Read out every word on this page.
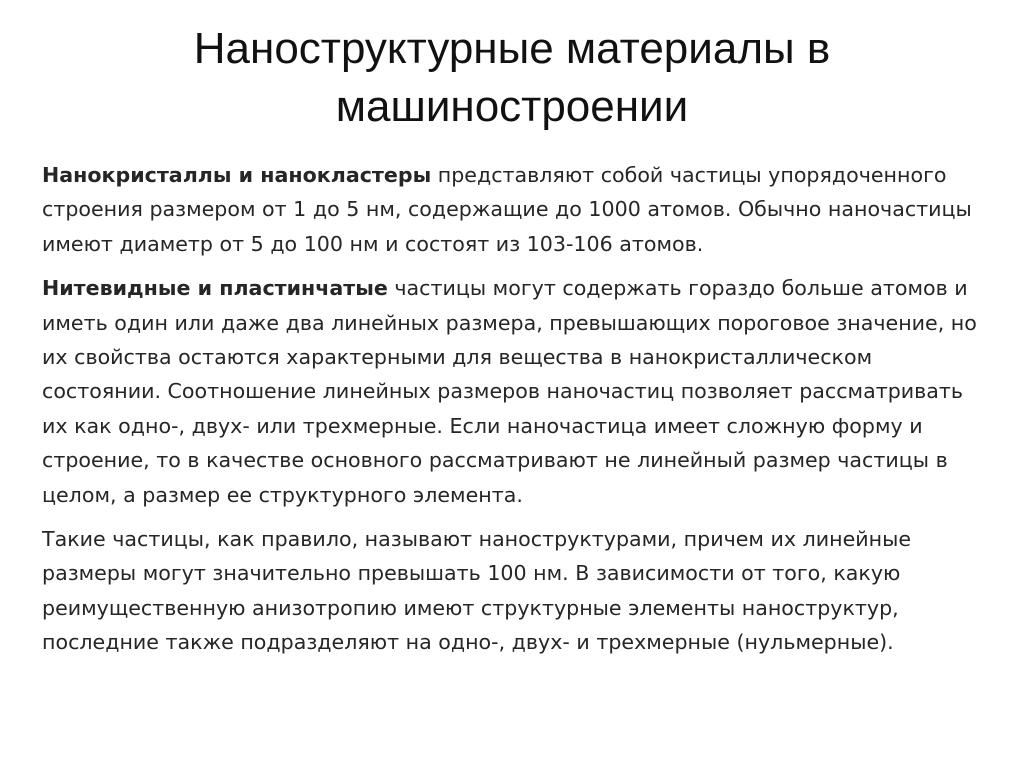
Наноструктурные материалы в машиностроении

Нанокристаллы и нанокластеры представляют собой частицы упорядоченного строения размером от 1 до 5 нм, содержащие до 1000 атомов. Обычно наночастицы имеют диаметр от 5 до 100 нм и состоят из 103-106 атомов.

Нитевидные и пластинчатые частицы могут содержать гораздо больше атомов и иметь один или даже два линейных размера, превышающих пороговое значение, но их свойства остаются характерными для вещества в нанокристаллическом состоянии. Соотношение линейных размеров наночастиц позволяет рассматривать их как одно-, двух- или трехмерные. Если наночастица имеет сложную форму и строение, то в качестве основного рассматривают не линейный размер частицы в целом, а размер ее структурного элемента.

Такие частицы, как правило, называют наноструктурами, причем их линейные размеры могут значительно превышать 100 нм. В зависимости от того, какую реимущественную анизотропию имеют структурные элементы наноструктур, последние также подразделяют на одно-, двух- и трехмерные (нульмерные).
